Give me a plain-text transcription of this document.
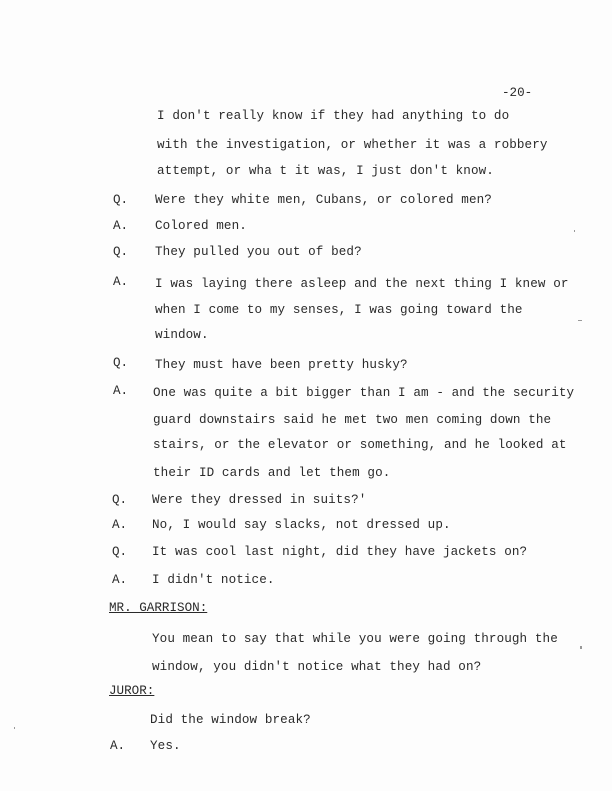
-20-
I don't really know if they had anything to do
with the investigation, or whether it was a robbery
attempt, or wha t it was, I just don't know.
Q. Were they white men, Cubans, or colored men?
A. Colored men.
Q. They pulled you out of bed?
A. I was laying there asleep and the next thing I knew or
when I come to my senses, I was going toward the
window.
Q. They must have been pretty husky?
A. One was quite a bit bigger than I am - and the security
guard downstairs said he met two men coming down the
stairs, or the elevator or something, and he looked at
their ID cards and let them go.
Q. Were they dressed in suits?'
A. No, I would say slacks, not dressed up.
Q. It was cool last night, did they have jackets on?
A. I didn't notice.
MR. GARRISON:
You mean to say that while you were going through the
window, you didn't notice what they had on?
JUROR:
Did the window break?
A. Yes.
